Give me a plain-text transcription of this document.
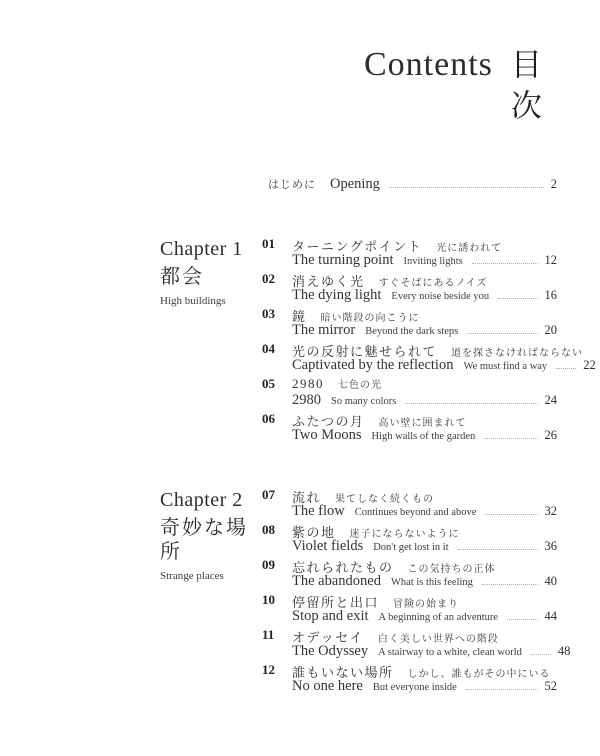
Contents 目次
はじめに Opening	2
Chapter 1
都会
High buildings
01 ターニングポイント 光に誘われて
The turning point Inviting lights	12
02 消えゆく光 すぐそばにあるノイズ
The dying light Every noise beside you	16
03 鏡 暗い階段の向こうに
The mirror Beyond the dark steps	20
04 光の反射に魅せられて 道を探さなければならない
Captivated by the reflection We must find a way	22
05 2980 七色の光
2980 So many colors	24
06 ふたつの月 高い壁に囲まれて
Two Moons High walls of the garden	26
Chapter 2
奇妙な場所
Strange places
07 流れ 果てしなく続くもの
The flow Continues beyond and above	32
08 紫の地 迷子にならないように
Violet fields Don't get lost in it	36
09 忘れられたもの この気持ちの正体
The abandoned What is this feeling	40
10 停留所と出口 冒険の始まり
Stop and exit A beginning of an adventure	44
11 オデッセイ 白く美しい世界への階段
The Odyssey A stairway to a white, clean world	48
12 誰もいない場所 しかし、誰もがその中にいる
No one here But everyone inside	52
